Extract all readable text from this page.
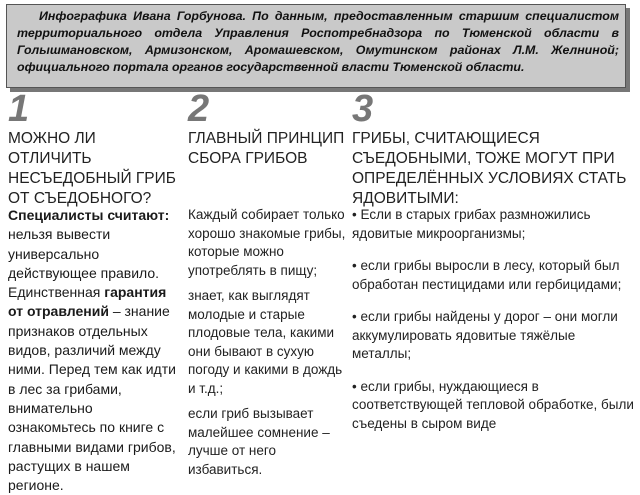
Инфографика Ивана Горбунова. По данным, предоставленным старшим специалистом территориального отдела Управления Роспотребнадзора по Тюменской области в Голышмановском, Армизонском, Аромашевском, Омутинском районах Л.М. Желниной; официального портала органов государственной власти Тюменской области.

1
МОЖНО ЛИ ОТЛИЧИТЬ НЕСЪЕДОБНЫЙ ГРИБ ОТ СЪЕДОБНОГО?
2
ГЛАВНЫЙ ПРИНЦИП СБОРА ГРИБОВ
3
ГРИБЫ, СЧИТАЮЩИЕСЯ СЪЕДОБНЫМИ, ТОЖЕ МОГУТ ПРИ ОПРЕДЕЛЁННЫХ УСЛОВИЯХ СТАТЬ ЯДОВИТЫМИ:
Специалисты считают: нельзя вывести универсально действующее правило. Единственная гарантия от отравлений – знание признаков отдельных видов, различий между ними. Перед тем как идти в лес за грибами, внимательно ознакомьтесь по книге с главными видами грибов, растущих в нашем регионе.

Каждый собирает только хорошо знакомые грибы, которые можно употреблять в пищу;

знает, как выглядят молодые и старые плодовые тела, какими они бывают в сухую погоду и какими в дождь и т.д.;

если гриб вызывает малейшее сомнение – лучше от него избавиться.

• Если в старых грибах размножились ядовитые микроорганизмы;

• если грибы выросли в лесу, который был обработан пестицидами или гербицидами;

• если грибы найдены у дорог – они могли аккумулировать ядовитые тяжёлые металлы;

• если грибы, нуждающиеся в соответствующей тепловой обработке, были съедены в сыром виде
